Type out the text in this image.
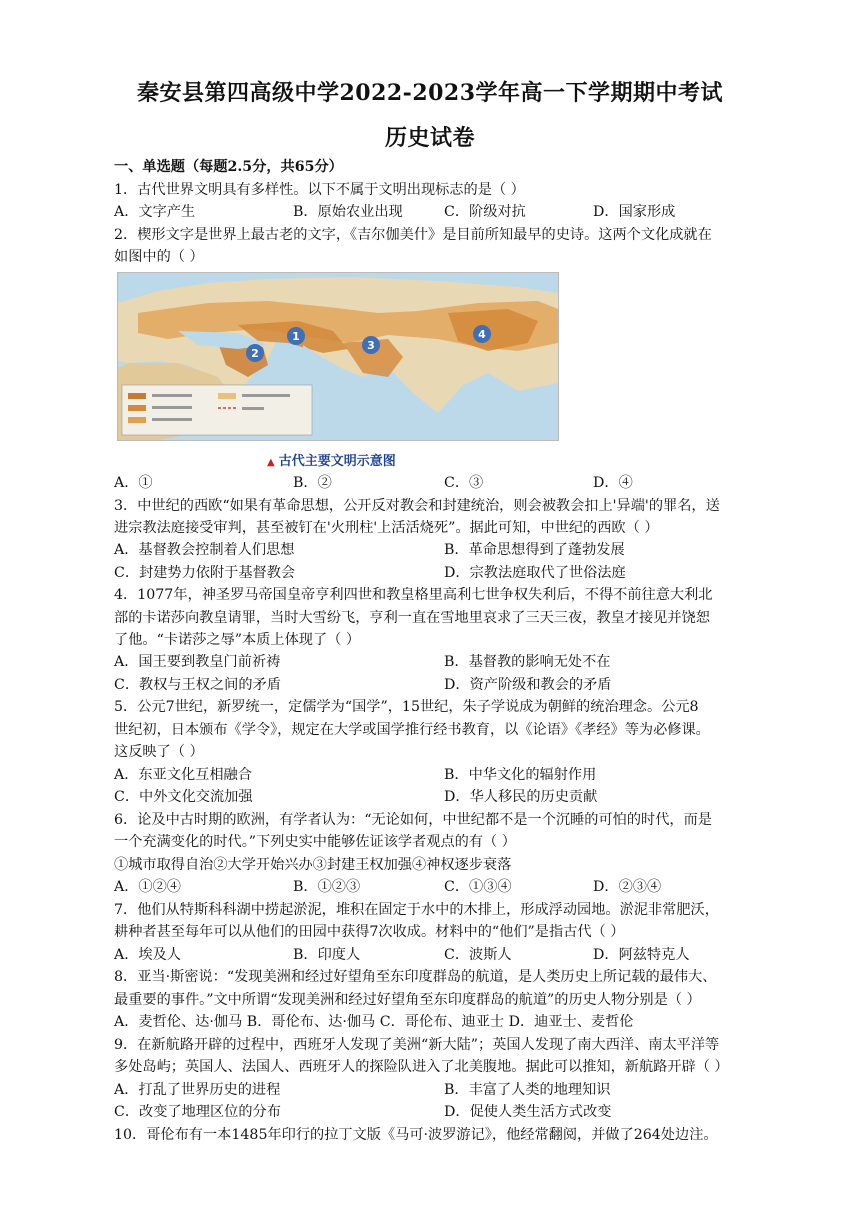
秦安县第四高级中学2022-2023学年高一下学期期中考试
历史试卷
一、单选题（每题2.5分，共65分）
1．古代世界文明具有多样性。以下不属于文明出现标志的是（ ）
A．文字产生	B．原始农业出现	C．阶级对抗	D．国家形成
2．楔形文字是世界上最古老的文字，《吉尔伽美什》是目前所知最早的史诗。这两个文化成就在
如图中的（ ）
1
2
3
4
▲ 古代主要文明示意图
A．①	B．②	C．③	D．④
3．中世纪的西欧“如果有革命思想，公开反对教会和封建统治，则会被教会扣上'异端'的罪名，送
进宗教法庭接受审判，甚至被钉在'火刑柱'上活活烧死”。据此可知，中世纪的西欧（ ）
A．基督教会控制着人们思想	B．革命思想得到了蓬勃发展
C．封建势力依附于基督教会	D．宗教法庭取代了世俗法庭
4．1077年，神圣罗马帝国皇帝亨利四世和教皇格里高利七世争权失利后，不得不前往意大利北
部的卡诺莎向教皇请罪，当时大雪纷飞，亨利一直在雪地里哀求了三天三夜，教皇才接见并饶恕
了他。“卡诺莎之辱”本质上体现了（ ）
A．国王要到教皇门前祈祷	B．基督教的影响无处不在
C．教权与王权之间的矛盾	D．资产阶级和教会的矛盾
5．公元7世纪，新罗统一，定儒学为“国学”，15世纪，朱子学说成为朝鲜的统治理念。公元8
世纪初，日本颁布《学令》，规定在大学或国学推行经书教育，以《论语》《孝经》等为必修课。
这反映了（ ）
A．东亚文化互相融合	B．中华文化的辐射作用
C．中外文化交流加强	D．华人移民的历史贡献
6．论及中古时期的欧洲，有学者认为：“无论如何，中世纪都不是一个沉睡的可怕的时代，而是
一个充满变化的时代。”下列史实中能够佐证该学者观点的有（ ）
①城市取得自治②大学开始兴办③封建王权加强④神权逐步衰落
A．①②④	B．①②③	C．①③④	D．②③④
7．他们从特斯科科湖中捞起淤泥，堆积在固定于水中的木排上，形成浮动园地。淤泥非常肥沃，
耕种者甚至每年可以从他们的田园中获得7次收成。材料中的“他们”是指古代（ ）
A．埃及人	B．印度人	C．波斯人	D．阿兹特克人
8．亚当·斯密说：“发现美洲和经过好望角至东印度群岛的航道，是人类历史上所记载的最伟大、
最重要的事件。”文中所谓“发现美洲和经过好望角至东印度群岛的航道”的历史人物分别是（ ）
A．麦哲伦、达·伽马 B．哥伦布、达·伽马 C．哥伦布、迪亚士 D．迪亚士、麦哲伦
9．在新航路开辟的过程中，西班牙人发现了美洲“新大陆”；英国人发现了南大西洋、南太平洋等
多处岛屿；英国人、法国人、西班牙人的探险队进入了北美腹地。据此可以推知，新航路开辟（ ）
A．打乱了世界历史的进程	B．丰富了人类的地理知识
C．改变了地理区位的分布	D．促使人类生活方式改变
10．哥伦布有一本1485年印行的拉丁文版《马可·波罗游记》，他经常翻阅，并做了264处边注。
